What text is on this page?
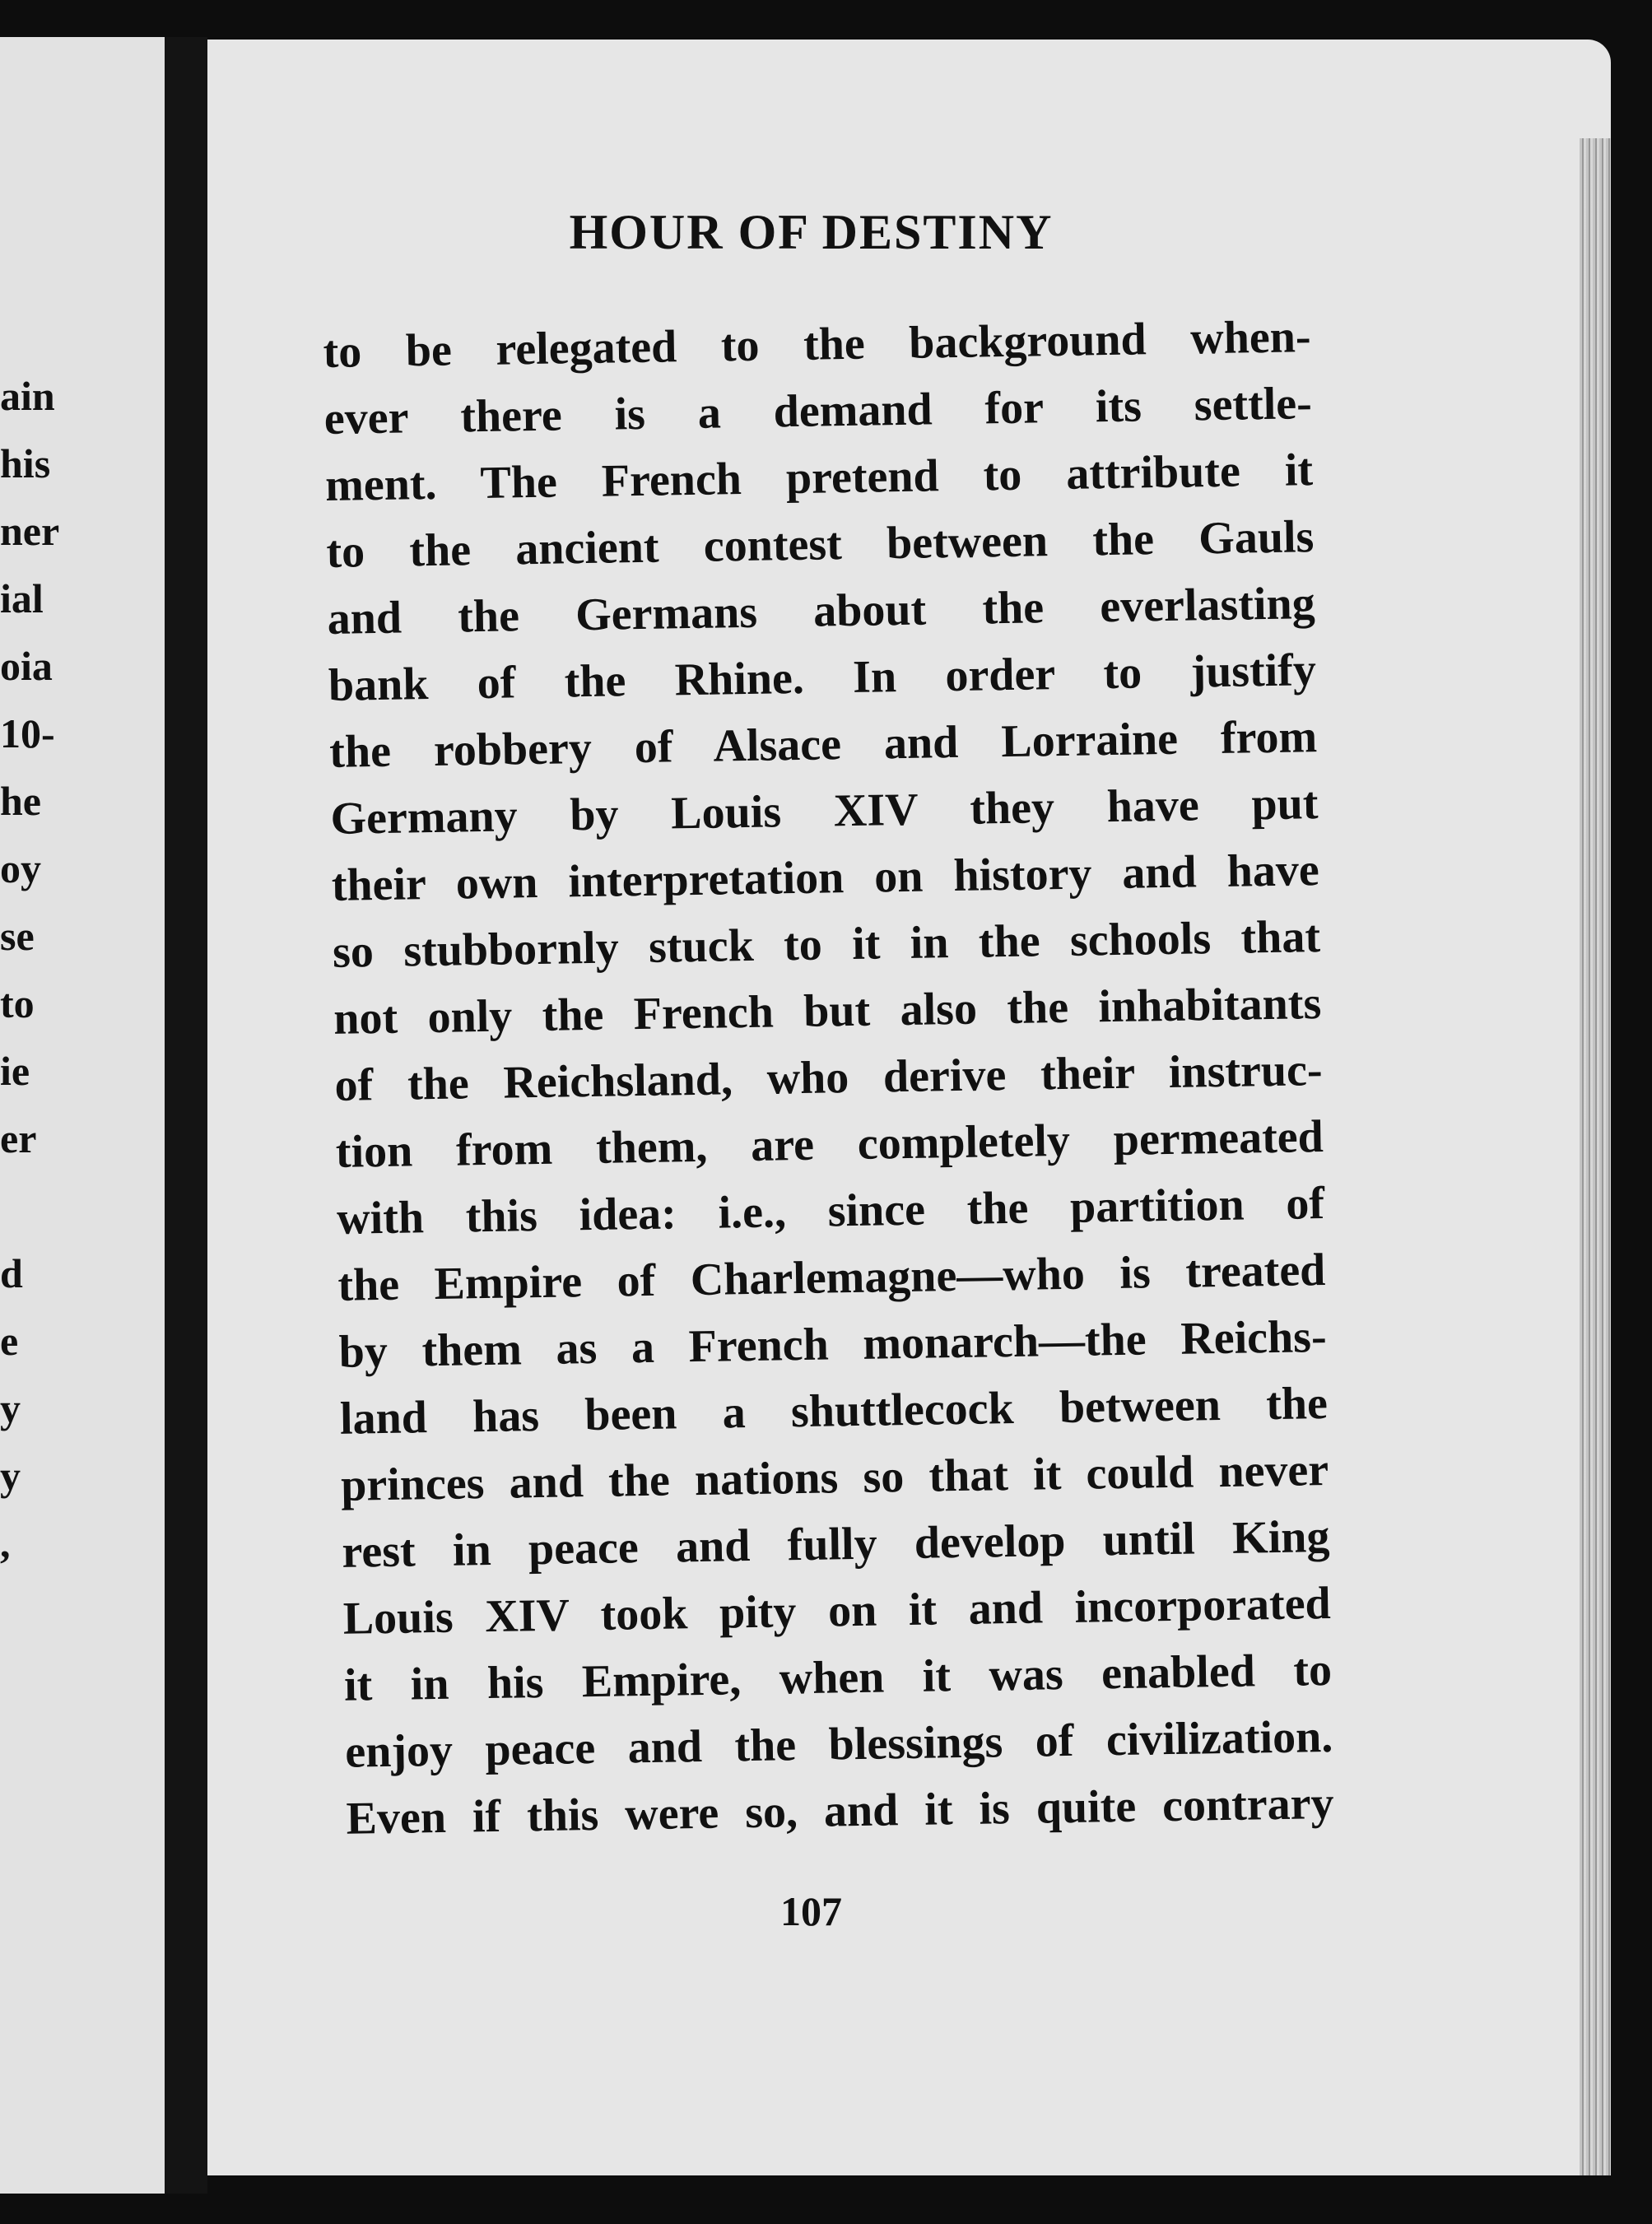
ain
his
ner
ial
oia
10-
he
oy
se
to
ie
er
d
e
y
y
,
HOUR OF DESTINY
to be relegated to the background when-
ever there is a demand for its settle-
ment. The French pretend to attribute it
to the ancient contest between the Gauls
and the Germans about the everlasting
bank of the Rhine. In order to justify
the robbery of Alsace and Lorraine from
Germany by Louis XIV they have put
their own interpretation on history and have
so stubbornly stuck to it in the schools that
not only the French but also the inhabitants
of the Reichsland, who derive their instruc-
tion from them, are completely permeated
with this idea: i.e., since the partition of
the Empire of Charlemagne—who is treated
by them as a French monarch—the Reichs-
land has been a shuttlecock between the
princes and the nations so that it could never
rest in peace and fully develop until King
Louis XIV took pity on it and incorporated
it in his Empire, when it was enabled to
enjoy peace and the blessings of civilization.
Even if this were so, and it is quite contrary
107
